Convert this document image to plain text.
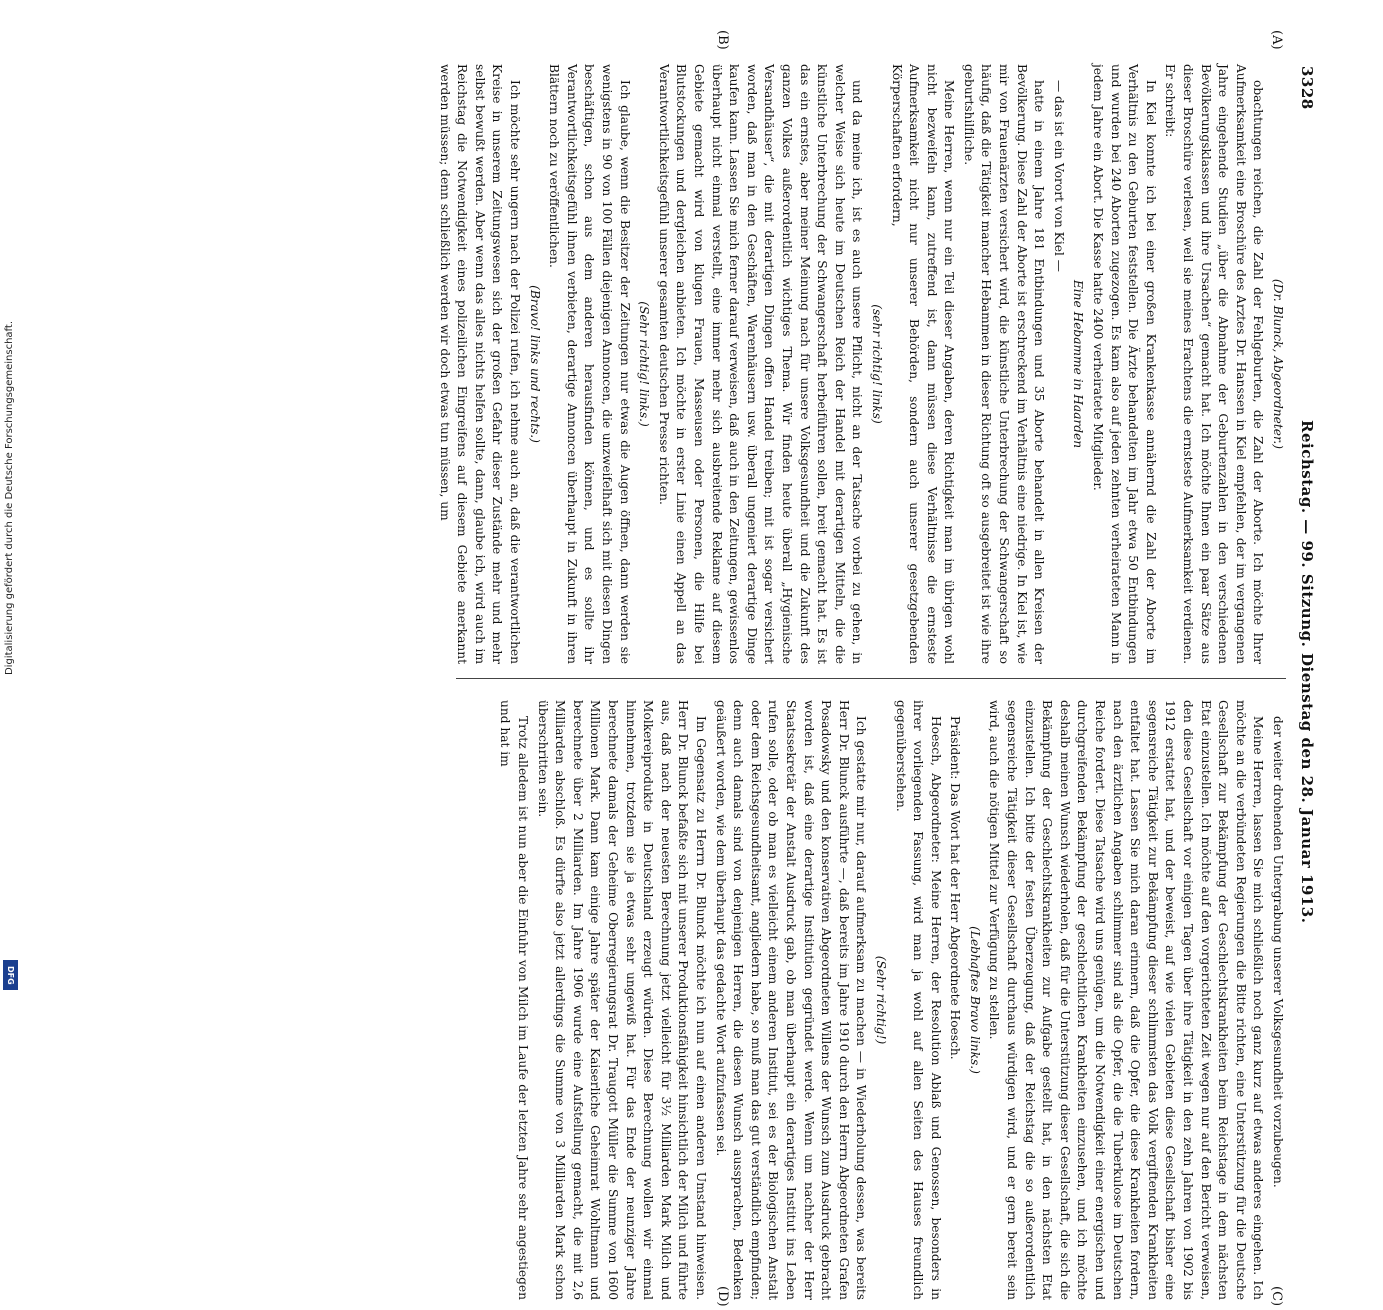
Digitalisierung gefördert durch die Deutsche Forschungsgemeinschaft.
DFG
3328
Reichstag. — 99. Sitzung. Dienstag den 28. Januar 1913.
(A)
(B)
(C)
(D)

(Dr. Blunck, Abgeordneter.)

obachtungen reichen, die Zahl der Fehlgeburten, die Zahl der Aborte. Ich möchte Ihrer Aufmerksamkeit eine Broschüre des Arztes Dr. Hanssen in Kiel empfehlen, der im vergangenen Jahre eingehende Studien „über die Abnahme der Geburtenzahlen in den verschiedenen Bevölkerungsklassen und ihre Ursachen“ gemacht hat. Ich möchte Ihnen ein paar Sätze aus dieser Broschüre verlesen, weil sie meines Erachtens die ernsteste Aufmerksamkeit verdienen. Er schreibt:

In Kiel konnte ich bei einer großen Krankenkasse annähernd die Zahl der Aborte im Verhältnis zu den Geburten feststellen. Die Ärzte behandelten im Jahr etwa 50 Entbindungen und wurden bei 240 Aborten zugezogen. Es kam also auf jeden zehnten verheirateten Mann in jedem Jahre ein Abort. Die Kasse hatte 2400 verheiratete Mitglieder.

Eine Hebamme in Haarden

— das ist ein Vorort von Kiel —

hatte in einem Jahre 181 Entbindungen und 35 Aborte behandelt in allen Kreisen der Bevölkerung. Diese Zahl der Aborte ist erschreckend im Verhältnis eine niedrige. In Kiel ist, wie mir von Frauenärzten versichert wird, die künstliche Unterbrechung der Schwangerschaft so häufig, daß die Tätigkeit mancher Hebammen in dieser Richtung oft so ausgebreitet ist wie ihre geburtshilfliche.

Meine Herren, wenn nur ein Teil dieser Angaben, deren Richtigkeit man im übrigen wohl nicht bezweifeln kann, zutreffend ist, dann müssen diese Verhältnisse die ernsteste Aufmerksamkeit nicht nur unserer Behörden, sondern auch unserer gesetzgebenden Körperschaften erfordern,

(sehr richtig! links)

und da meine ich, ist es auch unsere Pflicht, nicht an der Tatsache vorbei zu gehen, in welcher Weise sich heute im Deutschen Reich der Handel mit derartigen Mitteln, die die künstliche Unterbrechung der Schwangerschaft herbeiführen sollen, breit gemacht hat. Es ist das ein ernstes, aber meiner Meinung nach für unsere Volksgesundheit und die Zukunft des ganzen Volkes außerordentlich wichtiges Thema. Wir finden heute überall „Hygienische Versandhäuser“, die mit derartigen Dingen offen Handel treiben; mit ist sogar versichert worden, daß man in den Geschäften, Warenhäusern usw. überall ungeniert derartige Dinge kaufen kann. Lassen Sie mich ferner darauf verweisen, daß auch in den Zeitungen, gewissenlos überhaupt nicht einmal verstellt, eine immer mehr sich ausbreitende Reklame auf diesem Gebiete gemacht wird von klugen Frauen, Masseusen oder Personen, die Hilfe bei Blutstockungen und dergleichen anbieten. Ich möchte in erster Linie einen Appell an das Verantwortlichkeitsgefühl unserer gesamten deutschen Presse richten.

(Sehr richtig! links.)

Ich glaube, wenn die Besitzer der Zeitungen nur etwas die Augen öffnen, dann werden sie wenigstens in 90 von 100 Fällen diejenigen Annoncen, die unzweifelhaft sich mit diesen Dingen beschäftigen, schon aus dem anderen herausfinden können, und es sollte ihr Verantwortlichkeitsgefühl ihnen verbieten, derartige Annoncen überhaupt in Zukunft in ihren Blättern noch zu veröffentlichen.

(Bravo! links und rechts.)

Ich möchte sehr ungern nach der Polizei rufen, ich nehme auch an, daß die verantwortlichen Kreise in unserem Zeitungswesen sich der großen Gefahr dieser Zustände mehr und mehr selbst bewußt werden. Aber wenn das alles nichts helfen sollte, dann, glaube ich, wird auch im Reichstag die Notwendigkeit eines polizeilichen Eingreifens auf diesem Gebiete anerkannt werden müssen; denn schließlich werden wir doch etwas tun müssen, um

der weiter drohenden Untergrabung unserer Volksgesundheit vorzubeugen.

Meine Herren, lassen Sie mich schließlich noch ganz kurz auf etwas anderes eingehen. Ich möchte an die verbündeten Regierungen die Bitte richten, eine Unterstützung für die Deutsche Gesellschaft zur Bekämpfung der Geschlechtskrankheiten beim Reichstage in dem nächsten Etat einzustellen. Ich möchte auf den vorgerichteten Zeit wegen nur auf den Bericht verweisen, den diese Gesellschaft vor einigen Tagen über ihre Tätigkeit in den zehn Jahren von 1902 bis 1912 erstattet hat, und der beweist, auf wie vielen Gebieten diese Gesellschaft bisher eine segensreiche Tätigkeit zur Bekämpfung dieser schlimmsten das Volk vergiftenden Krankheiten entfaltet hat. Lassen Sie mich daran erinnern, daß die Opfer, die diese Krankheiten fordern, nach den ärztlichen Angaben schlimmer sind als die Opfer, die die Tuberkulose im Deutschen Reiche fordert. Diese Tatsache wird uns genügen, um die Notwendigkeit einer energischen und durchgreifenden Bekämpfung der geschlechtlichen Krankheiten einzusehen, und ich möchte deshalb meinen Wunsch wiederholen, daß für die Unterstützung dieser Gesellschaft, die sich die Bekämpfung der Geschlechtskrankheiten zur Aufgabe gestellt hat, in den nächsten Etat einzustellen. Ich bitte der festen Überzeugung, daß der Reichstag die so außerordentlich segensreiche Tätigkeit dieser Gesellschaft durchaus würdigen wird, und er gern bereit sein wird, auch die nötigen Mittel zur Verfügung zu stellen.

(Lebhaftes Bravo links.)

Präsident: Das Wort hat der Herr Abgeordnete Hoesch.

Hoesch, Abgeordneter: Meine Herren, der Resolution Ablaß und Genossen, besonders in ihrer vorliegenden Fassung, wird man ja wohl auf allen Seiten des Hauses freundlich gegenüberstehen.

(Sehr richtig!)

Ich gestatte mir nur, darauf aufmerksam zu machen — in Wiederholung dessen, was bereits Herr Dr. Blunck ausführte —, daß bereits im Jahre 1910 durch den Herrn Abgeordneten Grafen Posadowsky und den konservativen Abgeordneten Willens der Wunsch zum Ausdruck gebracht worden ist, daß eine derartige Institution gegründet werde. Wenn um nachher der Herr Staatssekretär der Anstalt Ausdruck gab, ob man überhaupt ein derartiges Institut ins Leben rufen solle, oder ob man es vielleicht einem anderen Institut, sei es der Biologischen Anstalt oder dem Reichsgesundheitsamt, angliedern habe, so muß man das gut verständlich empfinden; denn auch damals sind von denjenigen Herren, die diesen Wunsch aussprachen, Bedenken geäußert worden, wie dem überhaupt das gedachte Wort aufzufassen sei.

Im Gegensatz zu Herrn Dr. Blunck möchte ich nun auf einen anderen Umstand hinweisen. Herr Dr. Blunck befaßte sich mit unserer Produktionsfähigkeit hinsichtlich der Milch und führte aus, daß nach der neuesten Berechnung jetzt vielleicht für 3½ Milliarden Mark Milch und Molkereiprodukte in Deutschland erzeugt würden. Diese Berechnung wollen wir einmal hinnehmen, trotzdem sie ja etwas sehr ungewiß hat. Für das Ende der neunziger Jahre berechnete damals der Geheime Oberregierungsrat Dr. Traugott Müller die Summe von 1600 Millionen Mark. Dann kam einige Jahre später der Kaiserliche Geheimrat Wohltmann und berechnete über 2 Milliarden. Im Jahre 1906 wurde eine Aufstellung gemacht, die mit 2,6 Milliarden abschloß. Es dürfte also jetzt allerdings die Summe von 3 Milliarden Mark schon überschritten sein.

Trotz alledem ist nun aber die Einfuhr von Milch im Laufe der letzten Jahre sehr angestiegen und hat im
